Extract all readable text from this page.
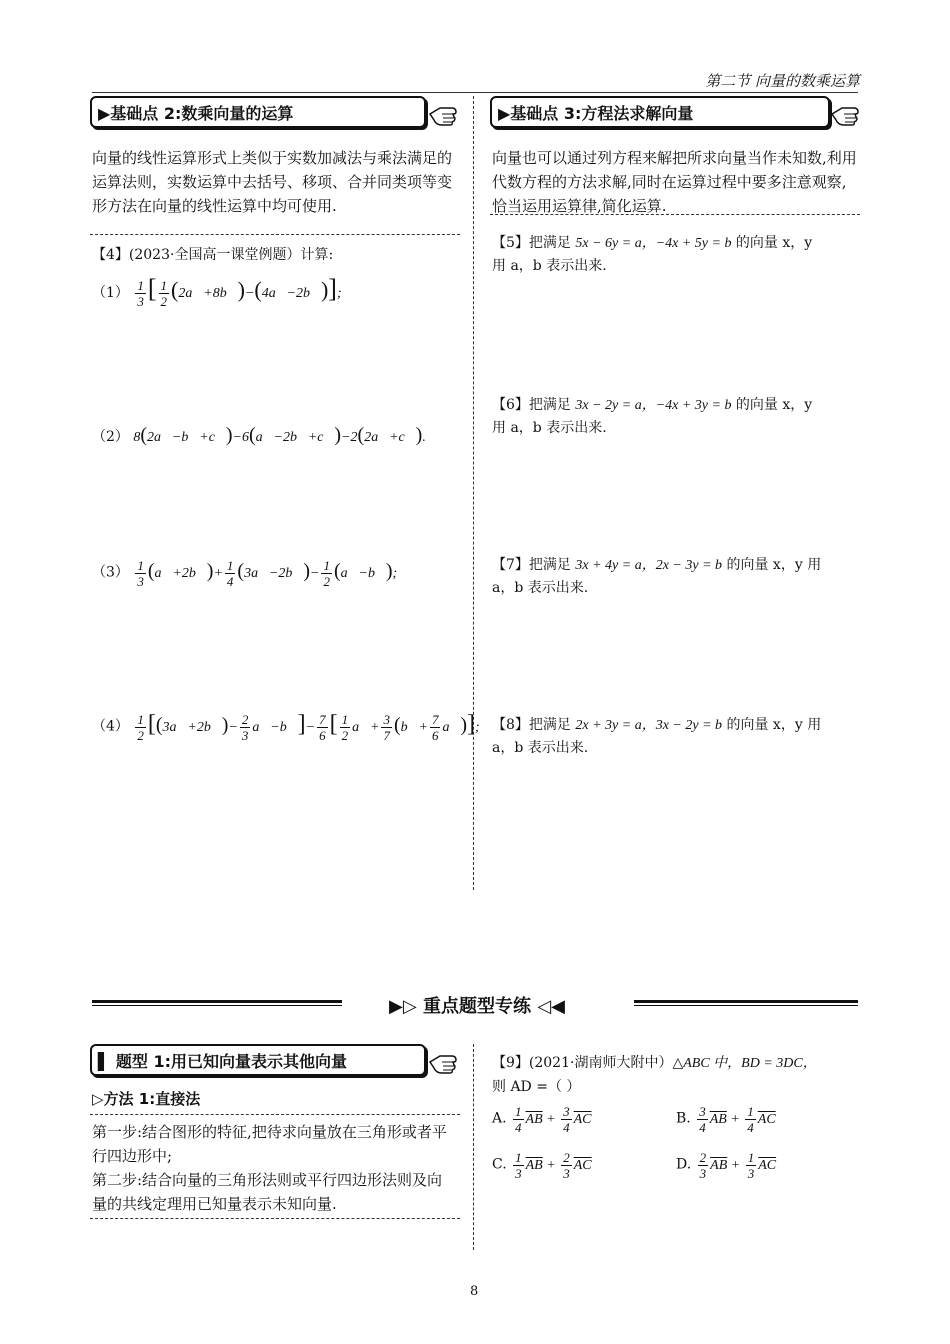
第二节 向量的数乘运算
▶基础点 2:数乘向量的运算
向量的线性运算形式上类似于实数加减法与乘法满足的运算法则，实数运算中去括号、移项、合并同类项等变形方法在向量的线性运算中均可使用.
【4】(2023·全国高一课堂例题）计算:
$(1) \frac{1}{3}$ [ $\frac{1}{2}$ (2a⃗+8b⃗)−(4a⃗−2b⃗)];
（2） 8(2a⃗−b⃗+c⃗)−6(a⃗−2b⃗+c⃗)−2(2a⃗+c⃗).
$(3) \frac{1}{3}$ (a⃗+2b⃗)+ $\frac{1}{4}$ (3a⃗−2b⃗)− $\frac{1}{2}$ (a⃗−b⃗);
$(4) \frac{1}{2}$ [(3a⃗+2b⃗)− $\frac{2}{3}$ a⃗−b⃗]− $\frac{7}{6}$ [ $\frac{1}{2}$ a⃗+ $\frac{3}{7}$ (b⃗+ $\frac{7}{6}$ a⃗)];
▶基础点 3:方程法求解向量
向量也可以通过列方程来解把所求向量当作未知数,利用代数方程的方法求解,同时在运算过程中要多注意观察,恰当运用运算律,简化运算.
【5】把满足 5x − 6y = a，−4x + 5y = b 的向量 x，y
用 a，b 表示出来.
【6】把满足 3x − 2y = a，−4x + 3y = b 的向量 x，y
用 a，b 表示出来.
【7】把满足 3x + 4y = a，2x − 3y = b 的向量 x，y 用
a，b 表示出来.
【8】把满足 2x + 3y = a，3x − 2y = b 的向量 x，y 用
a，b 表示出来.
▶▷ 重点题型专练 ◁◀
▌ 题型 1:用已知向量表示其他向量
▷方法 1:直接法
第一步:结合图形的特征,把待求向量放在三角形或者平行四边形中;
第二步:结合向量的三角形法则或平行四边形法则及向量的共线定理用已知量表示未知向量.
【9】(2021·湖南师大附中）△ABC 中，BD = 3DC，
则 AD =（ ）
A. $\frac{1}{4} \overline{AB} + \frac{3}{4} \overline{AC}$	B. $\frac{3}{4} \overline{AB} + \frac{1}{4} \overline{AC}$
C. $\frac{1}{3} \overline{AB} + \frac{2}{3} \overline{AC}$	D. $\frac{2}{3} \overline{AB} + \frac{1}{3} \overline{AC}$
8
